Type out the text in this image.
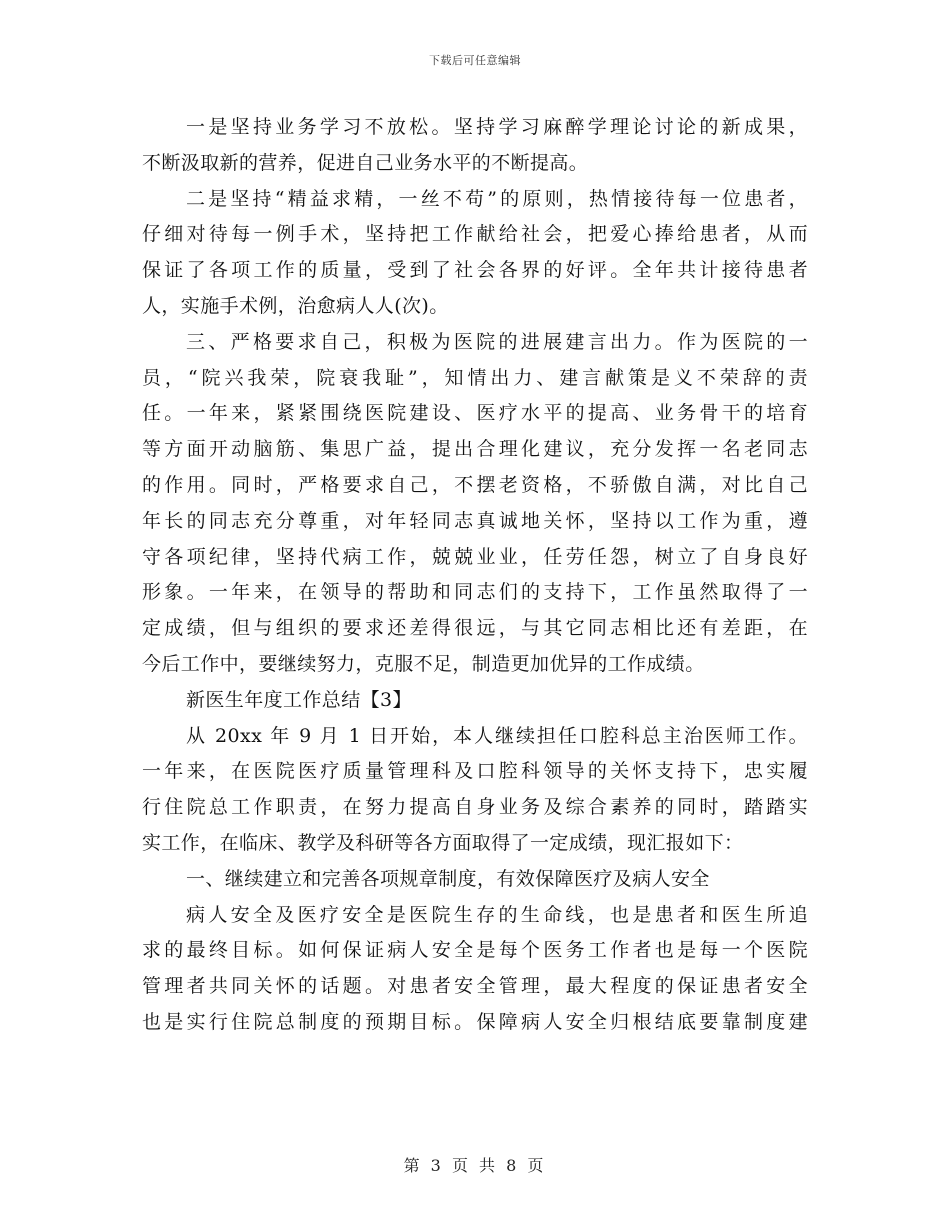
下载后可任意编辑
一是坚持业务学习不放松。坚持学习麻醉学理论讨论的新成果，
不断汲取新的营养，促进自己业务水平的不断提高。
二是坚持“精益求精，一丝不苟”的原则，热情接待每一位患者，
仔细对待每一例手术，坚持把工作献给社会，把爱心捧给患者，从而
保证了各项工作的质量，受到了社会各界的好评。全年共计接待患者
人，实施手术例，治愈病人人(次)。
三、严格要求自己，积极为医院的进展建言出力。作为医院的一
员，“院兴我荣，院衰我耻”，知情出力、建言献策是义不荣辞的责
任。一年来，紧紧围绕医院建设、医疗水平的提高、业务骨干的培育
等方面开动脑筋、集思广益，提出合理化建议，充分发挥一名老同志
的作用。同时，严格要求自己，不摆老资格，不骄傲自满，对比自己
年长的同志充分尊重，对年轻同志真诚地关怀，坚持以工作为重，遵
守各项纪律，坚持代病工作，兢兢业业，任劳任怨，树立了自身良好
形象。一年来，在领导的帮助和同志们的支持下，工作虽然取得了一
定成绩，但与组织的要求还差得很远，与其它同志相比还有差距，在
今后工作中，要继续努力，克服不足，制造更加优异的工作成绩。
新医生年度工作总结【3】
从 20xx 年 9 月 1 日开始，本人继续担任口腔科总主治医师工作。
一年来，在医院医疗质量管理科及口腔科领导的关怀支持下，忠实履
行住院总工作职责，在努力提高自身业务及综合素养的同时，踏踏实
实工作，在临床、教学及科研等各方面取得了一定成绩，现汇报如下：
一、继续建立和完善各项规章制度，有效保障医疗及病人安全
病人安全及医疗安全是医院生存的生命线，也是患者和医生所追
求的最终目标。如何保证病人安全是每个医务工作者也是每一个医院
管理者共同关怀的话题。对患者安全管理，最大程度的保证患者安全
也是实行住院总制度的预期目标。保障病人安全归根结底要靠制度建
第 3 页 共 8 页
